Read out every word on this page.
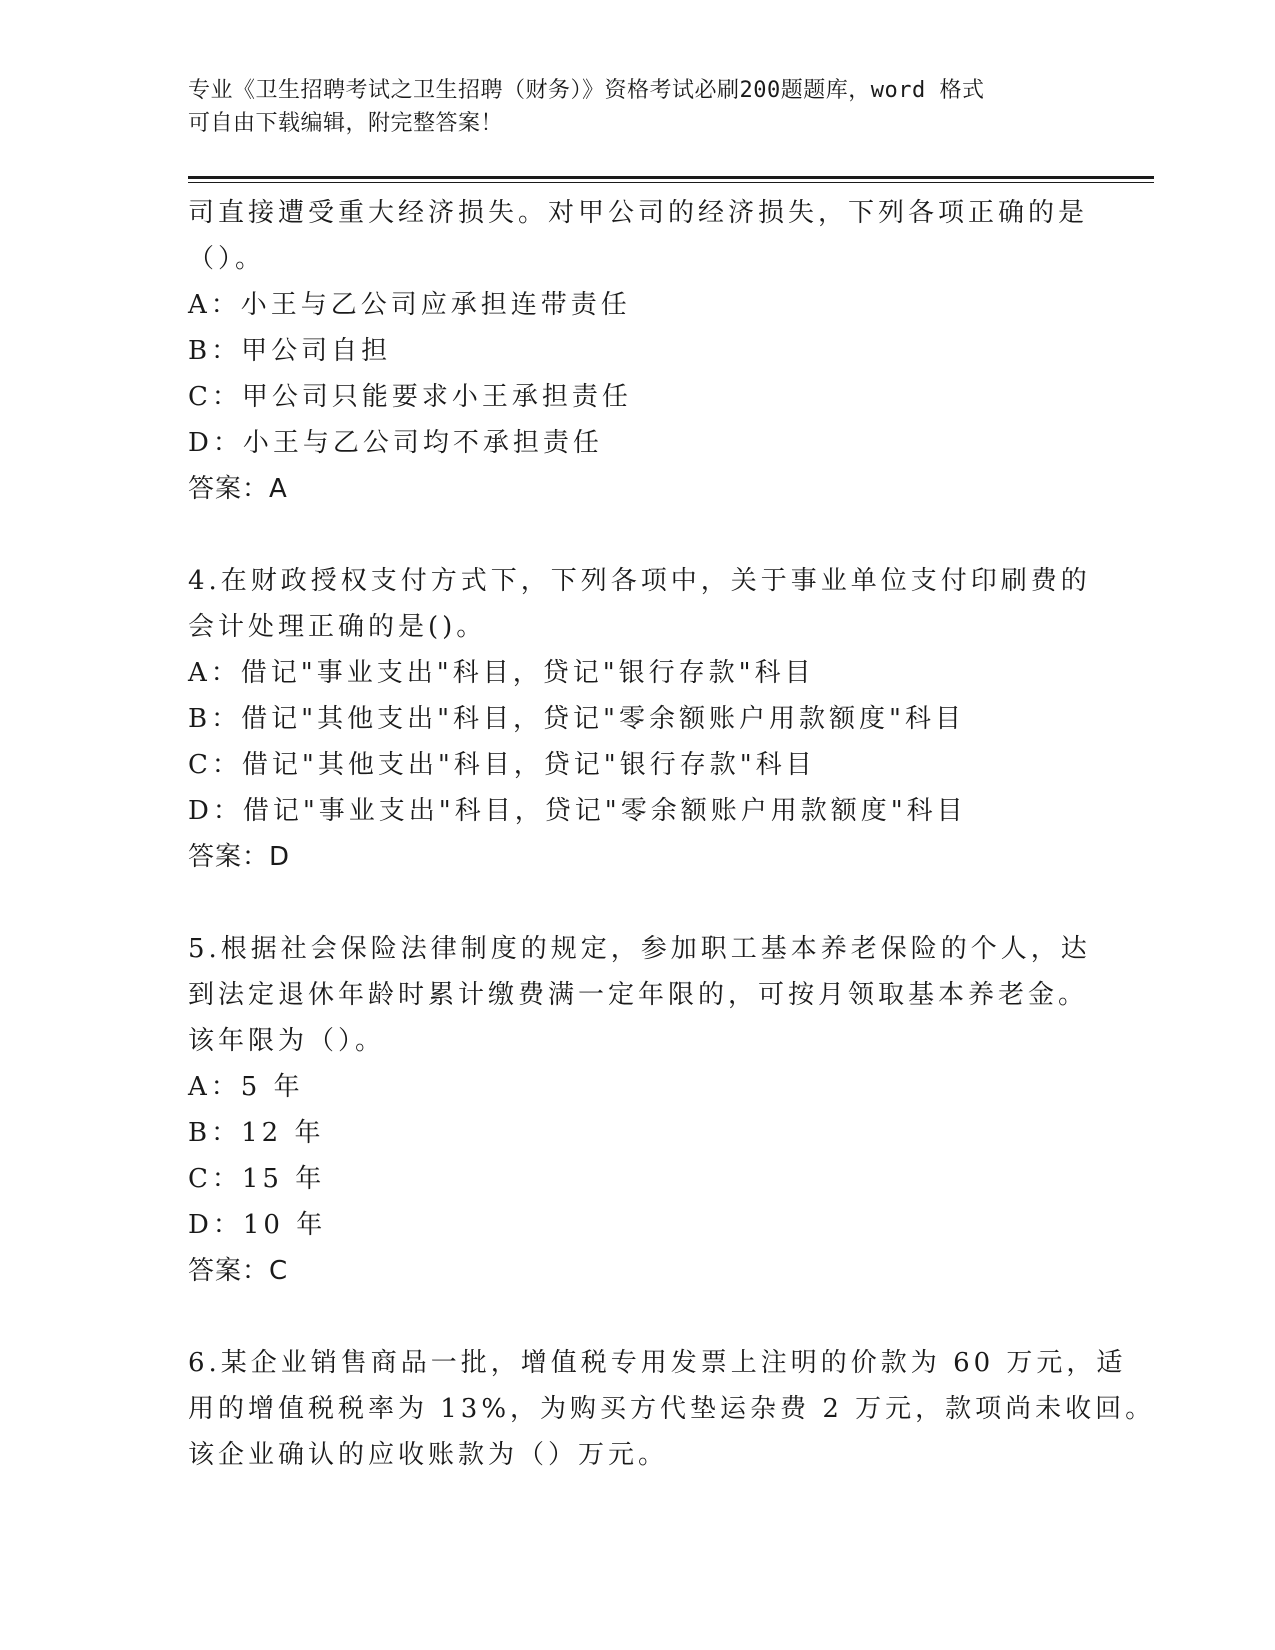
专业《卫生招聘考试之卫生招聘（财务）》资格考试必刷200题题库，word 格式
可自由下载编辑，附完整答案！
司直接遭受重大经济损失。对甲公司的经济损失，下列各项正确的是
（）。
A：小王与乙公司应承担连带责任
B：甲公司自担
C：甲公司只能要求小王承担责任
D：小王与乙公司均不承担责任
答案：A
4.在财政授权支付方式下，下列各项中，关于事业单位支付印刷费的
会计处理正确的是()。
A：借记"事业支出"科目，贷记"银行存款"科目
B：借记"其他支出"科目，贷记"零余额账户用款额度"科目
C：借记"其他支出"科目，贷记"银行存款"科目
D：借记"事业支出"科目，贷记"零余额账户用款额度"科目
答案：D
5.根据社会保险法律制度的规定，参加职工基本养老保险的个人，达
到法定退休年龄时累计缴费满一定年限的，可按月领取基本养老金。
该年限为（）。
A：5 年
B：12 年
C：15 年
D：10 年
答案：C
6.某企业销售商品一批，增值税专用发票上注明的价款为 60 万元，适
用的增值税税率为 13%，为购买方代垫运杂费 2 万元，款项尚未收回。
该企业确认的应收账款为（）万元。
